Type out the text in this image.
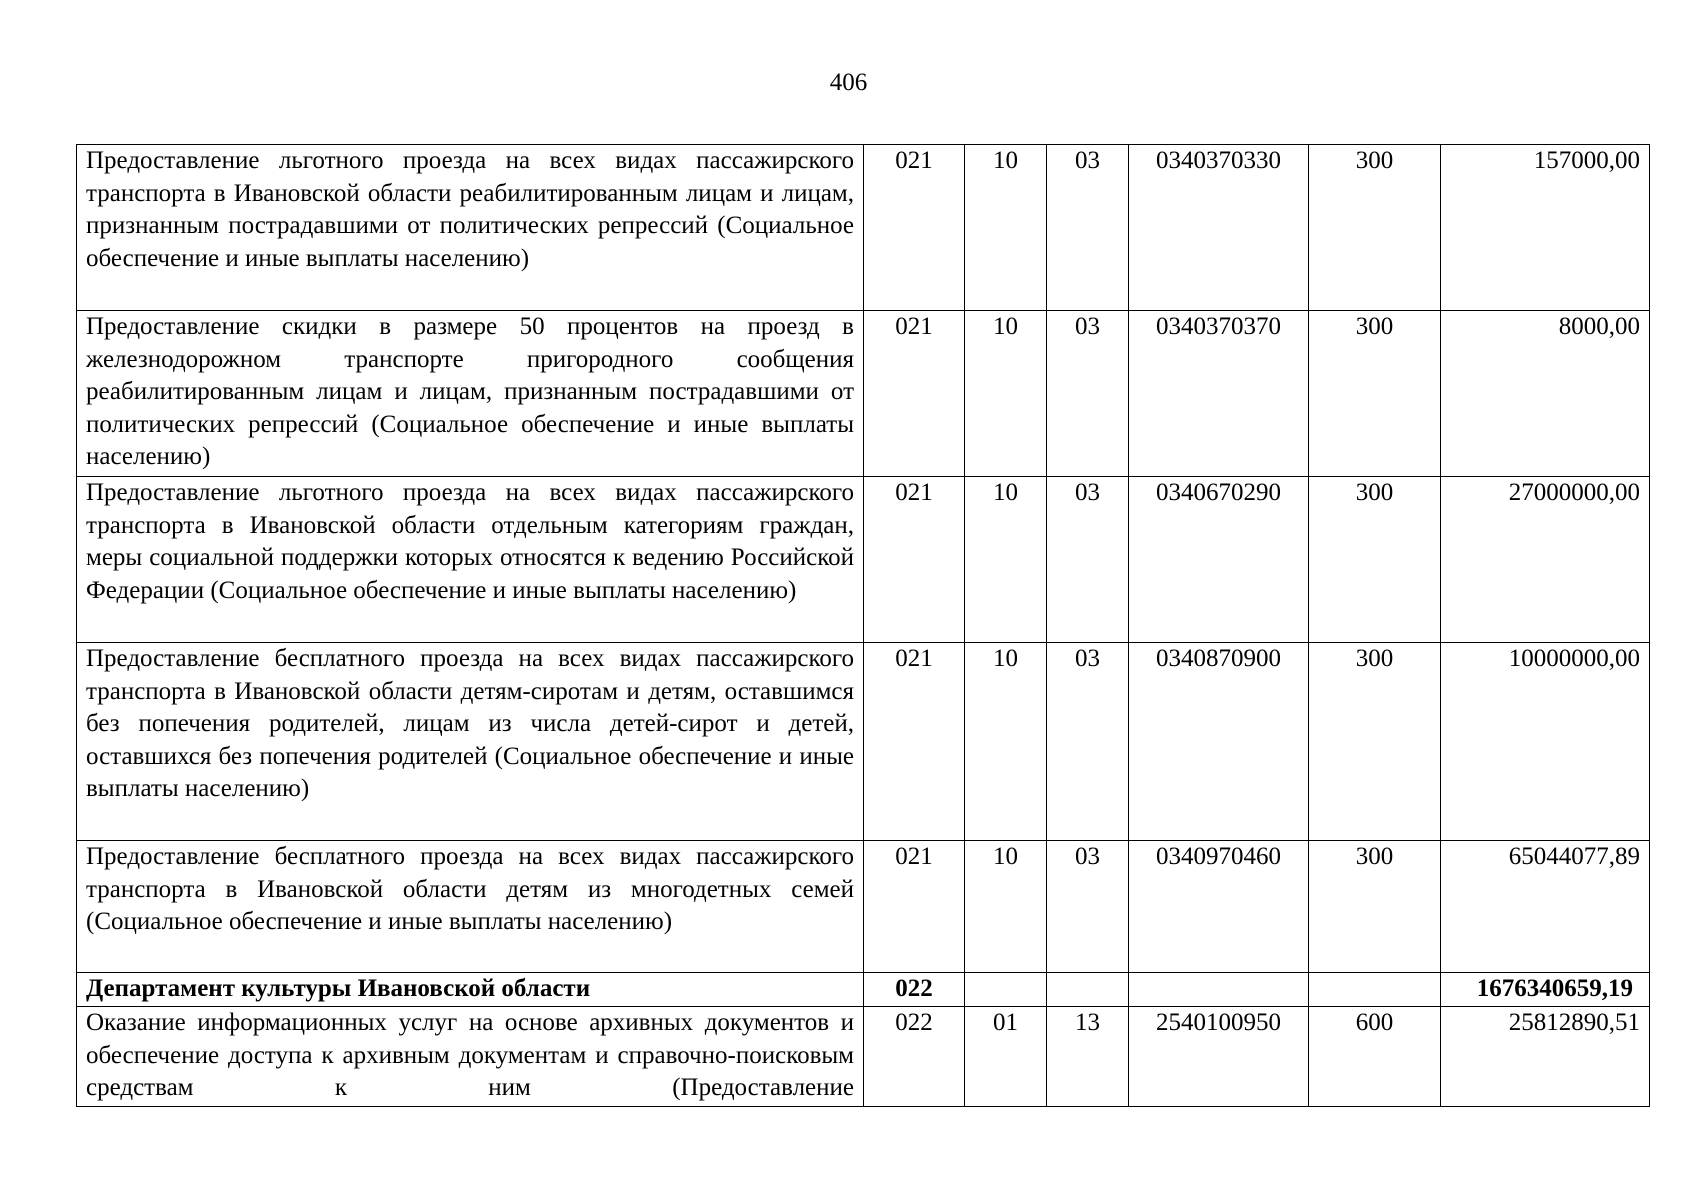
406
Предоставление льготного проезда на всех видах пассажирского транспорта в Ивановской области реабилитированным лицам и лицам, признанным пострадавшими от политических репрессий (Социальное обеспечение и иные выплаты населению)	021	10	03	0340370330	300	157000,00
Предоставление скидки в размере 50 процентов на проезд в железнодорожном транспорте пригородного сообщения реабилитированным лицам и лицам, признанным пострадавшими от политических репрессий (Социальное обеспечение и иные выплаты населению)	021	10	03	0340370370	300	8000,00
Предоставление льготного проезда на всех видах пассажирского транспорта в Ивановской области отдельным категориям граждан, меры социальной поддержки которых относятся к ведению Российской Федерации (Социальное обеспечение и иные выплаты населению)	021	10	03	0340670290	300	27000000,00
Предоставление бесплатного проезда на всех видах пассажирского транспорта в Ивановской области детям-сиротам и детям, оставшимся без попечения родителей, лицам из числа детей-сирот и детей, оставшихся без попечения родителей (Социальное обеспечение и иные выплаты населению)	021	10	03	0340870900	300	10000000,00
Предоставление бесплатного проезда на всех видах пассажирского транспорта в Ивановской области детям из многодетных семей (Социальное обеспечение и иные выплаты населению)	021	10	03	0340970460	300	65044077,89
Департамент культуры Ивановской области	022					1676340659,19
Оказание информационных услуг на основе архивных документов и обеспечение доступа к архивным документам и справочно-поисковым средствам к ним (Предоставление	022	01	13	2540100950	600	25812890,51
